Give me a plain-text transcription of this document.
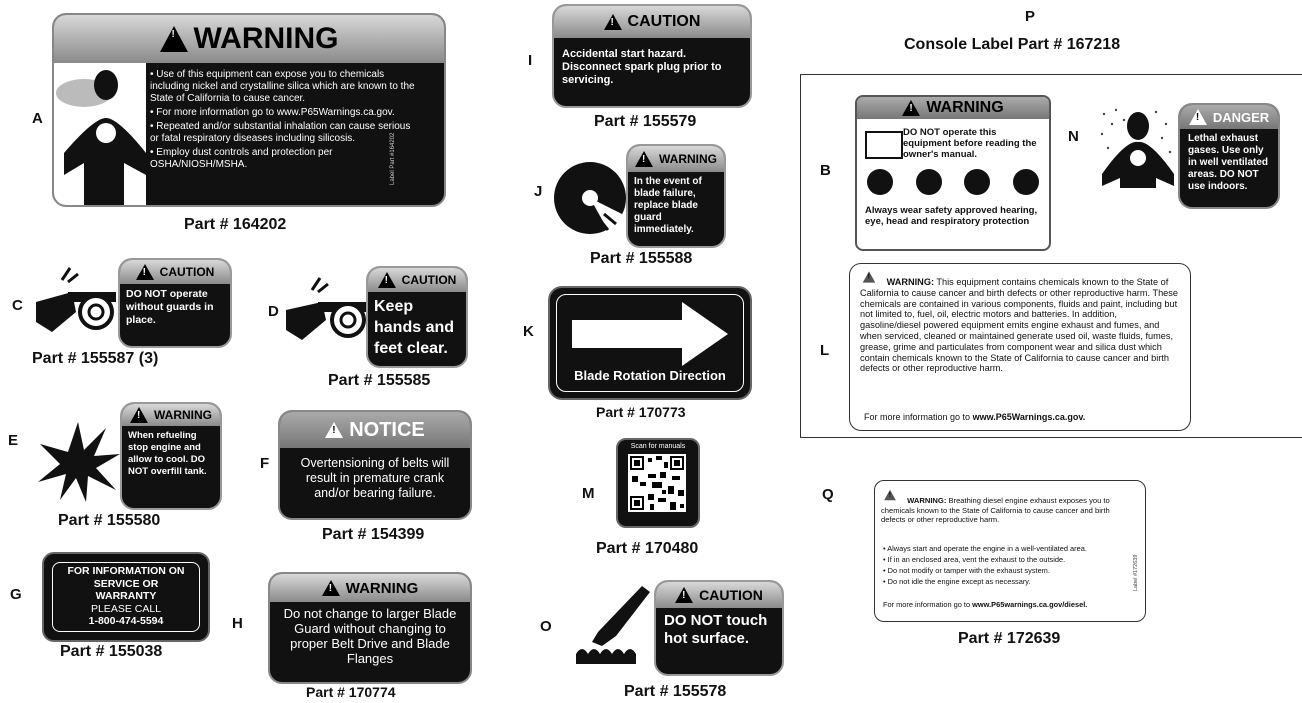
A
!
WARNING

• Use of this equipment can expose you to chemicals including nickel and crystalline silica which are known to the State of California to cause cancer.

• For more information go to www.P65Warnings.ca.gov.

• Repeated and/or substantial inhalation can cause serious or fatal respiratory diseases including silicosis.

• Employ dust controls and protection per OSHA/NIOSH/MSHA.	Label Part #164202
Part # 164202
C
!
CAUTION
DO NOT operate without guards in place.
Part # 155587 (3)
D
!
CAUTION
Keep hands and feet clear.
Part # 155585
E
!
WARNING
When refueling stop engine and allow to cool. DO NOT overfill tank.
Part # 155580
F
!
NOTICE
Overtensioning of belts will result in premature crank and/or bearing failure.
Part # 154399
G
FOR INFORMATION ON
SERVICE OR
WARRANTY
PLEASE CALL
1-800-474-5594
Part # 155038
H
!
WARNING
Do not change to larger Blade Guard without changing to proper Belt Drive and Blade Flanges
Part # 170774
I
!
CAUTION
Accidental start hazard. Disconnect spark plug prior to servicing.
Part # 155579
J
!
WARNING
In the event of blade failure, replace blade guard immediately.
Part # 155588
K
Blade Rotation Direction
Part # 170773
M
Scan for manuals
Part # 170480
O
!
CAUTION
DO NOT touch hot surface.
Part # 155578
P
Console Label Part # 167218
B
!
WARNING
DO NOT operate this equipment before reading the owner's manual.
Always wear safety approved hearing, eye, head and respiratory protection
N
!
DANGER
Lethal exhaust gases. Use only in well ventilated areas. DO NOT use indoors.
L
! WARNING: This equipment contains chemicals known to the State of California to cause cancer and birth defects or other reproductive harm. These chemicals are contained in various components, fluids and paint, including but not limited to, fuel, oil, electric motors and batteries. In addition, gasoline/diesel powered equipment emits engine exhaust and fumes, and when serviced, cleaned or maintained generate used oil, waste fluids, fumes, grease, grime and particulates from component wear and silica dust which contain chemicals known to the State of California to cause cancer and birth defects or other reproductive harm.
For more information go to www.P65Warnings.ca.gov.
Q
!	WARNING: Breathing diesel engine exhaust exposes you to chemicals known to the State of California to cause cancer and birth defects or other reproductive harm.
• Always start and operate the engine in a well-ventilated area.
• If in an enclosed area, vent the exhaust to the outside.
• Do not modify or tamper with the exhaust system.
• Do not idle the engine except as necessary.
For more information go to www.P65warnings.ca.gov/diesel.
Label #172639
Part # 172639
